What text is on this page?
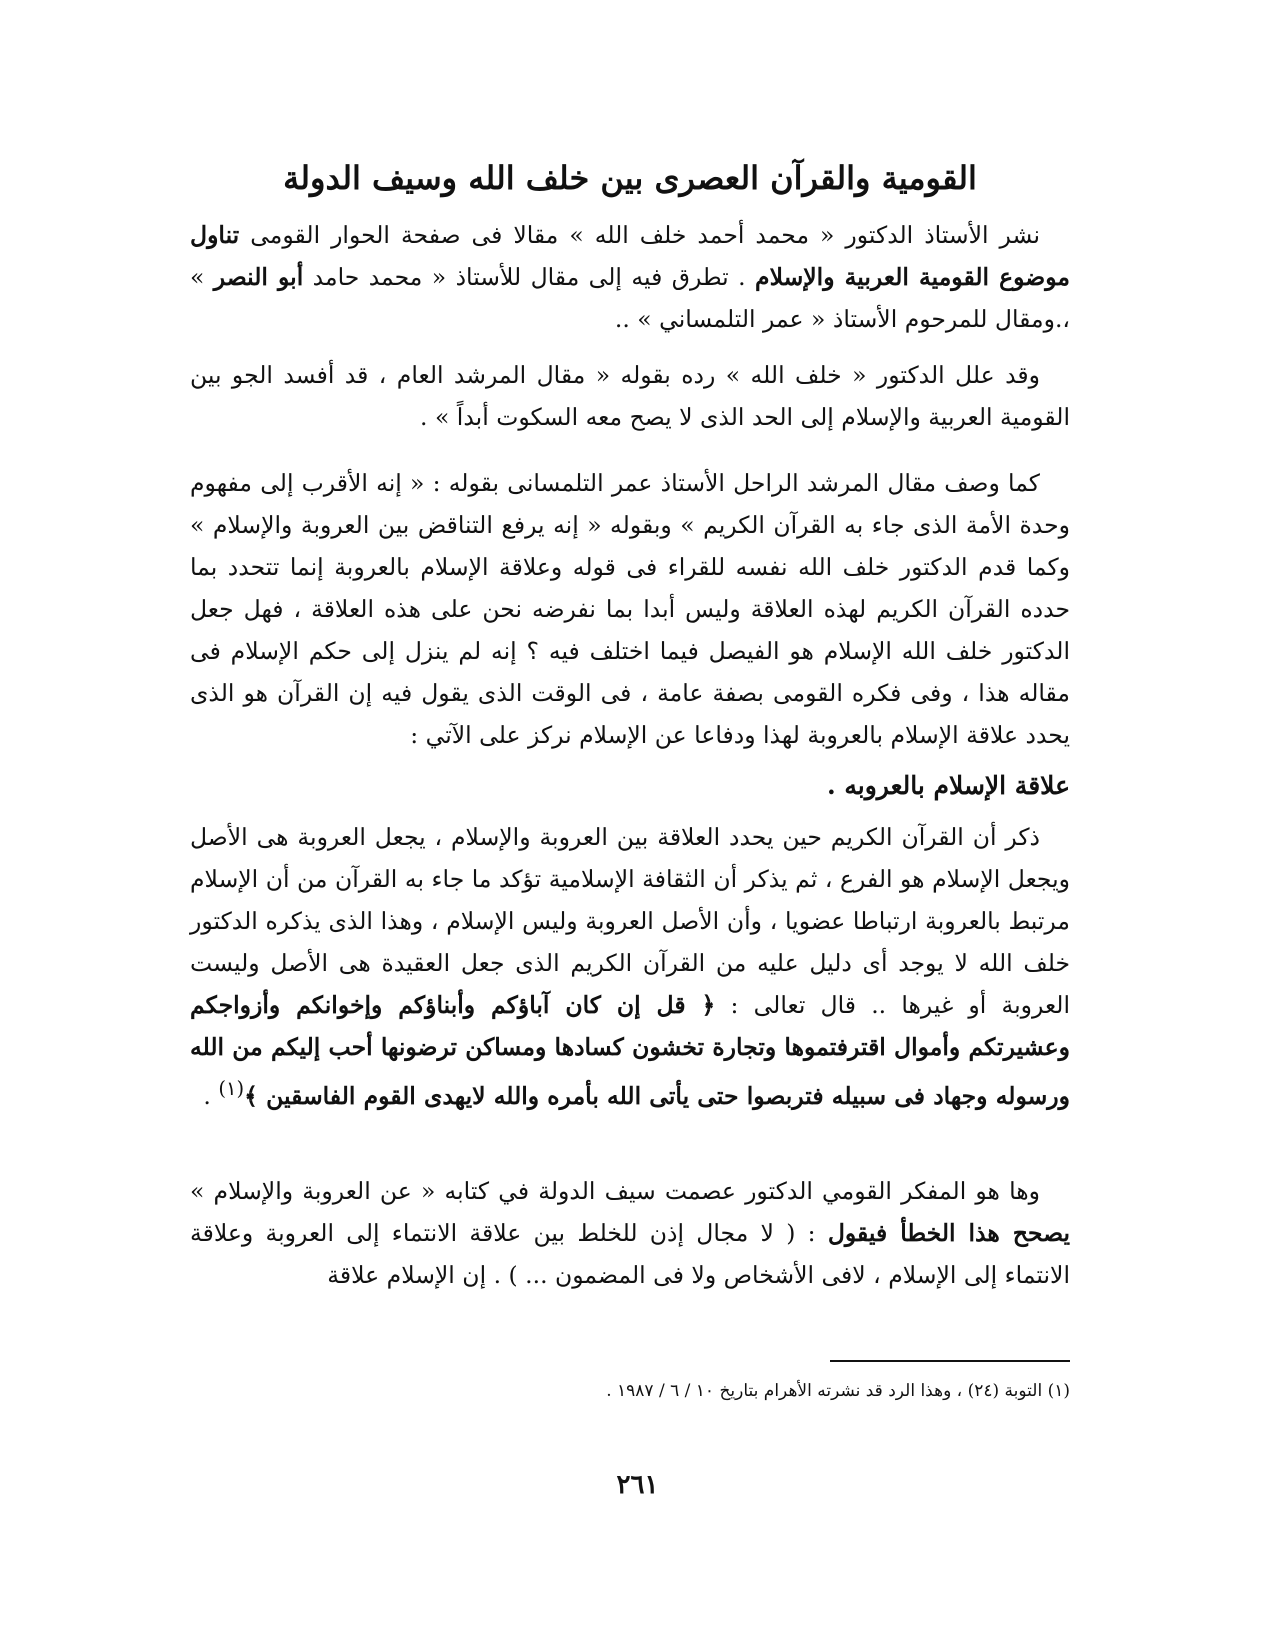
القومية والقرآن العصرى بين خلف الله وسيف الدولة

نشر الأستاذ الدكتور « محمد أحمد خلف الله » مقالا فى صفحة الحوار القومى تناول موضوع القومية العربية والإسلام . تطرق فيه إلى مقال للأستاذ « محمد حامد أبو النصر » ،.ومقال للمرحوم الأستاذ « عمر التلمساني » ..

وقد علل الدكتور « خلف الله » رده بقوله « مقال المرشد العام ، قد أفسد الجو بين القومية العربية والإسلام إلى الحد الذى لا يصح معه السكوت أبداً » .

كما وصف مقال المرشد الراحل الأستاذ عمر التلمسانى بقوله : « إنه الأقرب إلى مفهوم وحدة الأمة الذى جاء به القرآن الكريم » وبقوله « إنه يرفع التناقض بين العروبة والإسلام » وكما قدم الدكتور خلف الله نفسه للقراء فى قوله وعلاقة الإسلام بالعروبة إنما تتحدد بما حدده القرآن الكريم لهذه العلاقة وليس أبدا بما نفرضه نحن على هذه العلاقة ، فهل جعل الدكتور خلف الله الإسلام هو الفيصل فيما اختلف فيه ؟ إنه لم ينزل إلى حكم الإسلام فى مقاله هذا ، وفى فكره القومى بصفة عامة ، فى الوقت الذى يقول فيه إن القرآن هو الذى يحدد علاقة الإسلام بالعروبة لهذا ودفاعا عن الإسلام نركز على الآتي :

علاقة الإسلام بالعروبه .

ذكر أن القرآن الكريم حين يحدد العلاقة بين العروبة والإسلام ، يجعل العروبة هى الأصل ويجعل الإسلام هو الفرع ، ثم يذكر أن الثقافة الإسلامية تؤكد ما جاء به القرآن من أن الإسلام مرتبط بالعروبة ارتباطا عضويا ، وأن الأصل العروبة وليس الإسلام ، وهذا الذى يذكره الدكتور خلف الله لا يوجد أى دليل عليه من القرآن الكريم الذى جعل العقيدة هى الأصل وليست العروبة أو غيرها .. قال تعالى : ﴿ قل إن كان آباؤكم وأبناؤكم وإخوانكم وأزواجكم وعشيرتكم وأموال اقترفتموها وتجارة تخشون كسادها ومساكن ترضونها أحب إليكم من الله ورسوله وجهاد فى سبيله فتربصوا حتى يأتى الله بأمره والله لايهدى القوم الفاسقين ﴾$^{(١)}$ .

وها هو المفكر القومي الدكتور عصمت سيف الدولة في كتابه « عن العروبة والإسلام » يصحح هذا الخطأ فيقول : ( لا مجال إذن للخلط بين علاقة الانتماء إلى العروبة وعلاقة الانتماء إلى الإسلام ، لافى الأشخاص ولا فى المضمون ... ) . إن الإسلام علاقة

(١) التوبة (٢٤) ، وهذا الرد قد نشرته الأهرام بتاريخ ١٠ / ٦ / ١٩٨٧ .
٢٦١
